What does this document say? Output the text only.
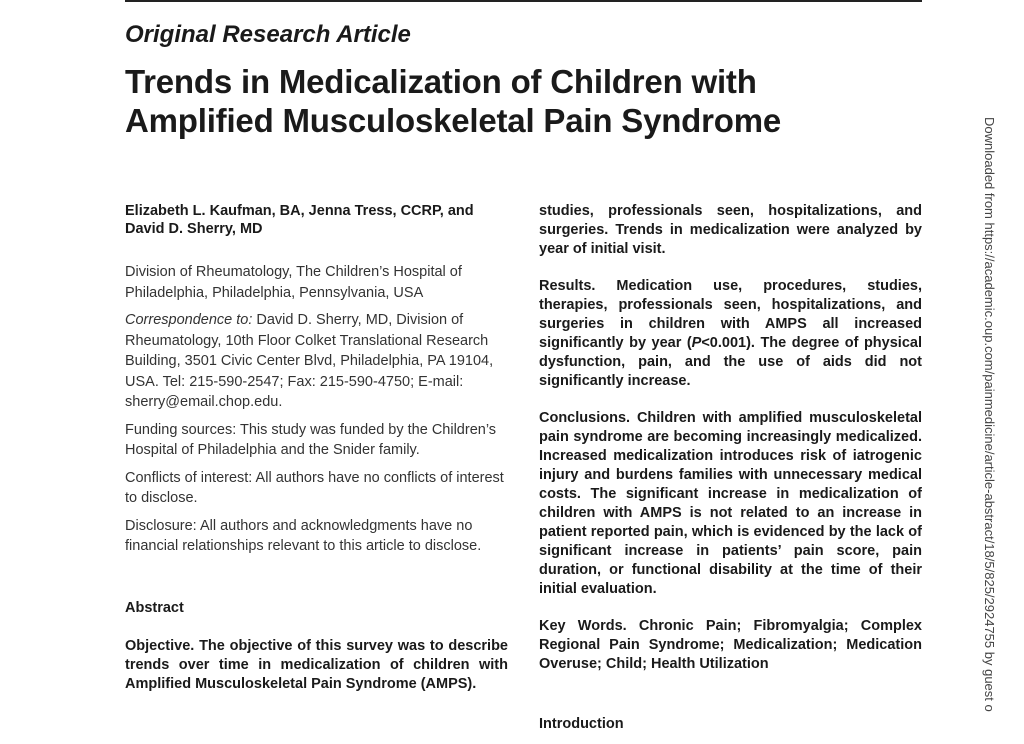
Original Research Article
Trends in Medicalization of Children with
Amplified Musculoskeletal Pain Syndrome

Elizabeth L. Kaufman, BA, Jenna Tress, CCRP, and David D. Sherry, MD

Division of Rheumatology, The Children’s Hospital of Philadelphia, Philadelphia, Pennsylvania, USA

Correspondence to: David D. Sherry, MD, Division of Rheumatology, 10th Floor Colket Translational Research Building, 3501 Civic Center Blvd, Philadelphia, PA 19104, USA. Tel: 215-590-2547; Fax: 215-590-4750; E-mail: sherry@email.chop.edu.

Funding sources: This study was funded by the Children’s Hospital of Philadelphia and the Snider family.

Conflicts of interest: All authors have no conflicts of interest to disclose.

Disclosure: All authors and acknowledgments have no financial relationships relevant to this article to disclose.

Abstract

Objective. The objective of this survey was to describe trends over time in medicalization of children with Amplified Musculoskeletal Pain Syndrome (AMPS).

studies, professionals seen, hospitalizations, and surgeries. Trends in medicalization were analyzed by year of initial visit.

Results. Medication use, procedures, studies, therapies, professionals seen, hospitalizations, and surgeries in children with AMPS all increased significantly by year (P<0.001). The degree of physical dysfunction, pain, and the use of aids did not significantly increase.

Conclusions. Children with amplified musculoskeletal pain syndrome are becoming increasingly medicalized. Increased medicalization introduces risk of iatrogenic injury and burdens families with unnecessary medical costs. The significant increase in medicalization of children with AMPS is not related to an increase in patient reported pain, which is evidenced by the lack of significant increase in patients’ pain score, pain duration, or functional disability at the time of their initial evaluation.

Key Words. Chronic Pain; Fibromyalgia; Complex Regional Pain Syndrome; Medicalization; Medication Overuse; Child; Health Utilization

Introduction

Downloaded from https://academic.oup.com/painmedicine/article-abstract/18/5/825/2924755 by guest o
